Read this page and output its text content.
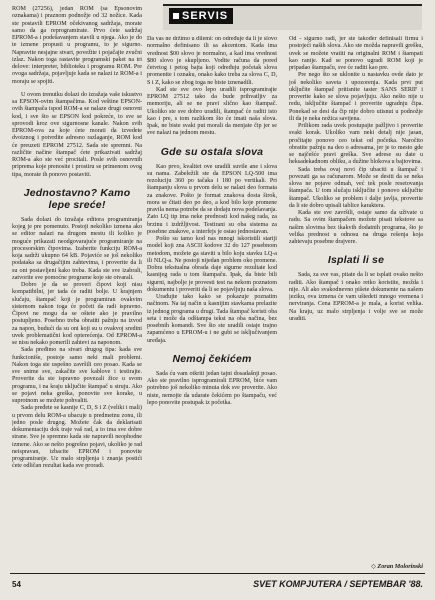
SERVIS

ROM (27256), jedan ROM (sa Epsonovim oznakama) i praznom podnožje od 32 nožice. Kada ste postavili EPROM očekivanog sadržaja, morate samo da ga reprogramirate. Prvo ćete sadržaj EPROM-a i podešavanjem stavili u njega. Ako je do te izmene propusti u programu, to je sigurno. Napravite nesjajne stvari, povežite i pojačajte zvučni izlaz. Nakon toga rastavite programski paket na tri delove: interpreter, biblioteku i programu ROM. Pre ovoga sadržaja, pojavljuje kada se nalazi iz ROM-a i moraju se spojiti.

U ovom trenutku dolazi do izražaja vaše iskustvo sa EPSON-ovim štampačima. Kod veštine EPSON-ovih štampača ispod ROM-a se nalaze drugi osnovni kod, i sve što se EPSON kod pokreće, to sve se sprovodi kroz ove sigurnosne kanale. Nakon svih EPROM-ova za koje ćete morati da izvedete dvoiznog i potvrdite adresno razlaganje, ROM kod će preuzeti EPROM 27512. Sada ste spremni. Na različite načine štampač ćete prikazivati sadržaj ROM-a ako ste već procitali. Posle svih osnovnih priprema koje prenosite i prostiru se primenom ovog tipa, morate ih ponovo postaviti.

Jednostavno? Kamo lepe sreće!

Sada dolazi do izražaja editora programiranja kojeg je pre pomenuto. Postoji nekoliko izmena ako se editor nalazi na drugom mestu ili koliko je moguće prikazati neodgovarajuće programiranje na procesorskim čipovima. Izaberite funkciju ROM-a koja sadrži ukupno 64 kB. Pojaviće se još nekoliko podataka sa drugačijim zahtevima, i proverite da li su oni postavljeni kako treba. Kada ste sve izabrali, zatvorite sve pomoćne programe koje ste otvarali.

Dobro je da se proveri čipovi koji nisu kompatibilni, jer tada će raditi bolje. U krajnjem slučaju, štampač koji je programiran ovakvim sistemom nakon toga će početi da radi ispravno. Čipovi ne mogu da se oštete ako je pravilno postupljeno. Posebno treba obratiti pažnju na izvod za napon, budući da su oni koji su u ovakvoj sredini uvek problematični kod opterećenja. Od EPROM-a se nisu nekako pomerili zahtevi za naponom.

Sada pređimo na stvari drugog tipa: kada sve funkcioniše, postoje samo neki mali problemi. Nakon toga ste uspešno završili ceo posao. Kada se sve snime sve, zakačite sve kablove i testirajte. Proverite da ste ispravno povezali žice u svom programu, i na kraju uključite štampač u struju. Ako se pojavi neka greška, ponovite sve korake, u suprotnom se možete pohvaliti.

Sada pređete se kasnije C, D, S i Z (veliki i mali) u prvom delu ROM-a ubacuje u predmetnu zonu, ili jedno posle drugog. Možete čak da deklarisati dokumentaciju dok traje vaš rad, a to ima sve dobre strane. Sve je spremno kada ste napravili neophodne izmene. Ako se nešto pogrešno pojavi, ukoliko je rad neispravan, izbacite EPROM i ponovite programiranje. Uz malo strpljenja i znanja postići ćete odličan rezultat kada sve proradi.

Da vas ne držimo u dilemi: on određuje da li je slovo normalno definisano ili sa akcentom. Kada ima vrednost $00 slovo je normalno, a kad ima vrednost $80 slovo je skupljeno. Vodite računa da pored četvrtog i petog bajta koji određuju početak slova promenite i oznaku, onako kako treba za slova C, D, S i Z, kako se zbog toga ne biste iznenadili.

Kad ste sve ovo lepo uradili isprogramirajte EPROM 27512 tako da bude prihvatljiv za memoriju, ali se ne pravi slično kao štampač. Ukoliko ste sve dobro uradili, štampač će raditi isto kao i pre, s tom razlikom što će imati naša slova. Ipak, ne biste svaki put morali da menjate čip jer se sve nalazi na jednom mestu.

Gde su ostala slova

Kao prvo, kvalitet ove uradili suvile ane i slova su nama. Zabeležili ste da EPSON LQ-500 ima rezoluciju 360 po tačaka i 180 po vertikali. Pri štampanju slova u prvom delu se nalazi deo formata za znakove. Pošto je format znakova dosta širok, mora se čitati deo po deo, a kod bilo koje promene pravila nema potrebe da se dodaju nova podešavanja. Zato LQ tip ima neke prednosti kod našeg rada, za brzinu i izdržljivost. Testirani su oba sistema za posebne znakove, a interfejs je ostao jednostavan.

Pošto su tamo kod nas mnogi iskoristili stariji model koji zna ASCII kodove 32 do 127 posebnom metodom, možete ga staviti u bilo koju stavku LQ-a ili NLQ-a. Ne postoji nijedan problem oko promene. Dobra tekstualna obrada daje sigurne rezultate kod kasnijeg rada u tom štampaču. Ipak, da biste bili sigurni, najbolje je provesti test na nekom poznatom dokumentu i proveriti da li se pojavljuju naša slova.

Urađujte tako kako se pokazuje poznatim načinom. Na taj način u kasnijim stavkama prelazite iz jednog programa u drugi. Tada štampač koristi oba seta i može da odštampa tekst na oba načina, bez posebnih komandi. Sve što ste uradili ostaje trajno zapamćeno u EPROM-u i ne gubi se isključivanjem uređaja.

Nemoj čekićem

Sada ću vam otkriti jedan tajni dosadašnji posao. Ako ste pravilno isprogramirali EPROM, biće vam potrebno još nekoliko minuta dok sve proverite. Ako niste, nemojte da udarate čekićem po štampaču, već lepo ponovite postupak iz početka.

Od - sigurno radi, jer ste također definisali firmu i postojeći naših slova. Ako ste možda napravili grešku, uvek se možete vratiti na originalni ROM i štampati kao ranije. Kad se ponovo ugradi ROM koji je pripadao štampaču, sve će raditi kao pre.

Pre nego što se uklonite u nastavku ovde dato je još nekoliko saveta i upozorenja. Kada prvi put uključite štampač pritisnite taster SANS SERIF i proverite kako se slova pojavljuju. Ako nešto nije u redu, isključite štampač i proverite ugradnju čipa. Ponekad se desi da čip nije dobro utisnut u podnožje ili da je neka nožica savijena.

Prilikom rada uvek postupajte pažljivo i proverite svaki korak. Ukoliko vam neki detalj nije jasan, pročitajte ponovo ceo tekst od početka. Naročito obratite pažnju na deo o adresama, jer je to mesto gde se najčešće pravi greška. Sve adrese su date u heksadekadnom obliku, a dužine blokova u bajtovima.

Sada treba ovaj novi čip ubaciti u štampač i povezati ga sa računarom. Može se desiti da se neka slova ne pojave odmah, već tek posle resetovanja štampača. U tom slučaju isključite i ponovo uključite štampač. Ukoliko se problem i dalje javlja, proverite da li ste dobro upisali tablice karaktera.

Kada ste sve završili, ostaje samo da uživate u radu. Sa ovim štampačem možete pisati tekstove sa našim slovima bez ikakvih dodatnih programa, što je velika prednost u odnosu na druga rešenja koja zahtevaju posebne drajvere.

Isplati li se

Sada, za sve vas, pitate da li se isplati ovako nešto raditi. Ako štampač i onako retko koristite, možda i nije. Ali ako svakodnevno pišete dokumente na našem jeziku, ova izmena će vam uštedeti mnogo vremena i nerviranja. Cena EPROM-a je mala, a korist velika. Na kraju, uz malo strpljenja i volje sve se može uraditi.

◇ Zoran Molorinski
54	SVET KOMPJUTERA / SEPTEMBAR '88.
